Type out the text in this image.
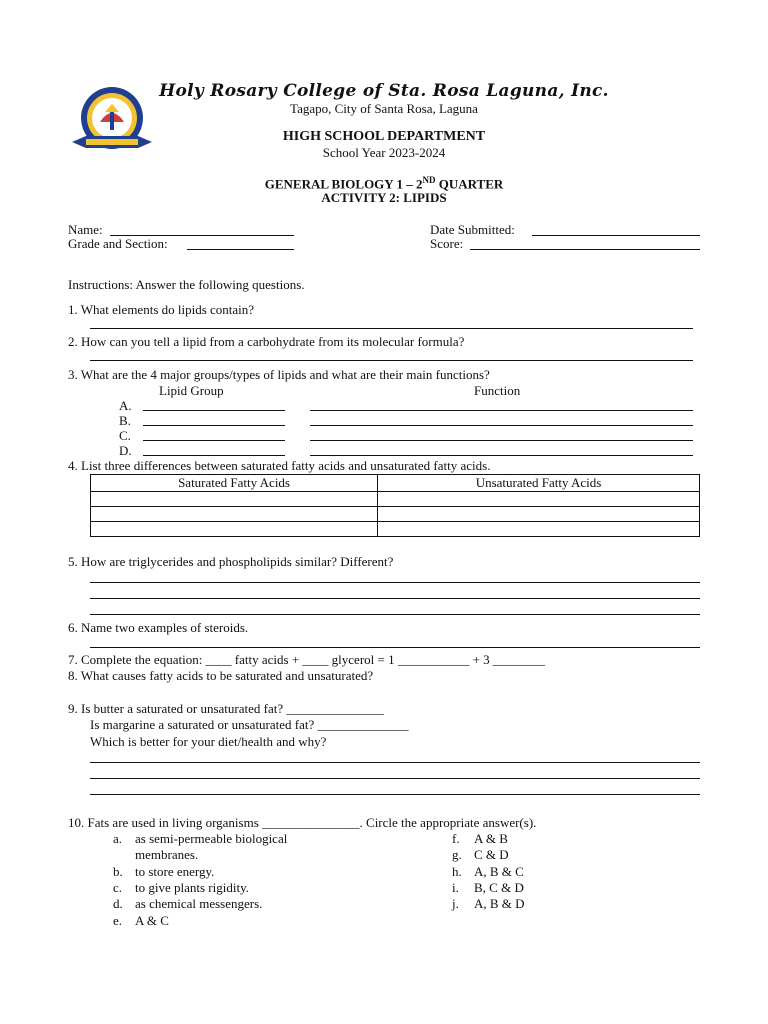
Holy Rosary College of Sta. Rosa Laguna, Inc.
Tagapo, City of Santa Rosa, Laguna
HIGH SCHOOL DEPARTMENT
School Year 2023-2024
GENERAL BIOLOGY 1 – 2ND QUARTER
ACTIVITY 2: LIPIDS
Name:
Grade and Section:
Date Submitted:
Score:
Instructions: Answer the following questions.
1. What elements do lipids contain?
2. How can you tell a lipid from a carbohydrate from its molecular formula?
3. What are the 4 major groups/types of lipids and what are their main functions?
Lipid Group	Function
A.
B.
C.
D.
4. List three differences between saturated fatty acids and unsaturated fatty acids.
Saturated Fatty Acids	Unsaturated Fatty Acids

5. How are triglycerides and phospholipids similar? Different?
6. Name two examples of steroids.
7. Complete the equation: ____ fatty acids + ____ glycerol = 1 ___________ + 3 ________
8. What causes fatty acids to be saturated and unsaturated?
9. Is butter a saturated or unsaturated fat? _______________
Is margarine a saturated or unsaturated fat? ______________
Which is better for your diet/health and why?
10. Fats are used in living organisms _______________. Circle the appropriate answer(s).
a. as semi-permeable biological
membranes.
b. to store energy.
c. to give plants rigidity.
d. as chemical messengers.
e. A & C
f. A & B
g. C & D
h. A, B & C
i. B, C & D
j. A, B & D
